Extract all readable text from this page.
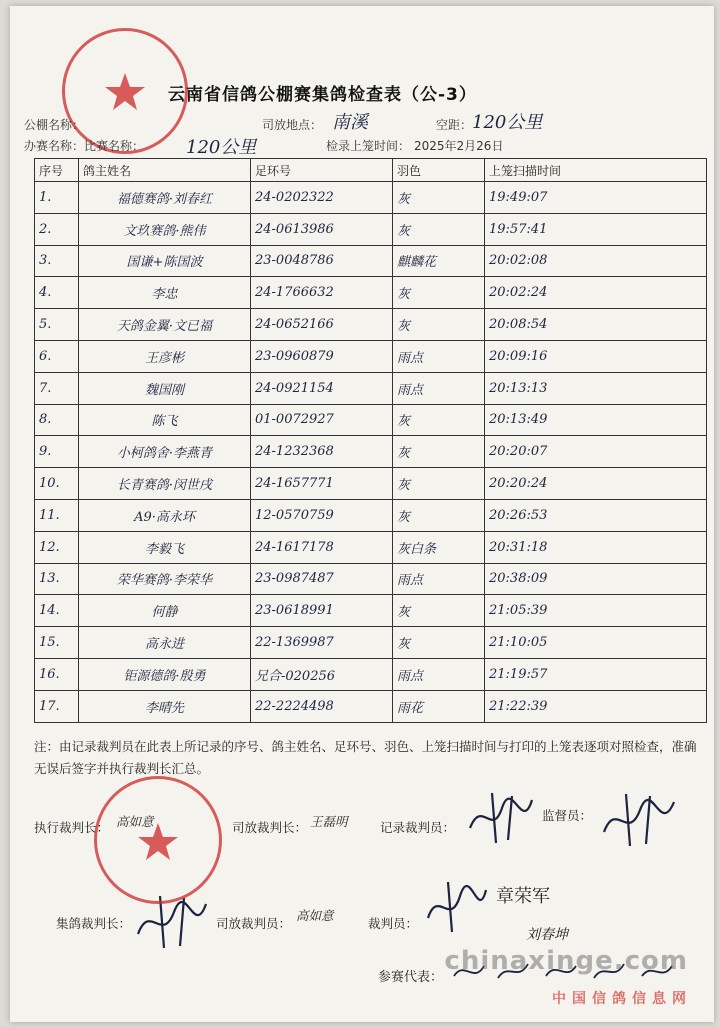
云南省信鸽公棚赛集鸽检查表（公-3）
公棚名称：	司放地点： 南溪	空距： 120公里
办赛名称：比赛名称： 120公里	检录上笼时间： 2025年2月26日
序号	鸽主姓名	足环号	羽色	上笼扫描时间
1.	福德赛鸽·刘春红	24-0202322	灰	19:49:07
2.	文玖赛鸽·熊伟	24-0613986	灰	19:57:41
3.	国谦+陈国波	23-0048786	麒麟花	20:02:08
4.	李忠	24-1766632	灰	20:02:24
5.	天鸽金翼·文已福	24-0652166	灰	20:08:54
6.	王彦彬	23-0960879	雨点	20:09:16
7.	魏国刚	24-0921154	雨点	20:13:13
8.	陈飞	01-0072927	灰	20:13:49
9.	小柯鸽舍·李燕青	24-1232368	灰	20:20:07
10.	长青赛鸽·闵世戌	24-1657771	灰	20:20:24
11.	A9·高永环	12-0570759	灰	20:26:53
12.	李毅飞	24-1617178	灰白条	20:31:18
13.	荣华赛鸽·李荣华	23-0987487	雨点	20:38:09
14.	何静	23-0618991	灰	21:05:39
15.	高永进	22-1369987	灰	21:10:05
16.	钜源德鸽·殷勇	兄合-020256	雨点	21:19:57
17.	李晴先	22-2224498	雨花	21:22:39
注：由记录裁判员在此表上所记录的序号、鸽主姓名、足环号、羽色、上笼扫描时间与打印的上笼表逐项对照检查，准确无误后签字并执行裁判长汇总。
执行裁判长： 高如意	司放裁判长： 王磊明	记录裁判员：
监督员：
集鸽裁判长：	司放裁判员：
高如意
裁判员：
章荣军
刘春坤
参赛代表：
chinaxinge.com
中国信鸽信息网
